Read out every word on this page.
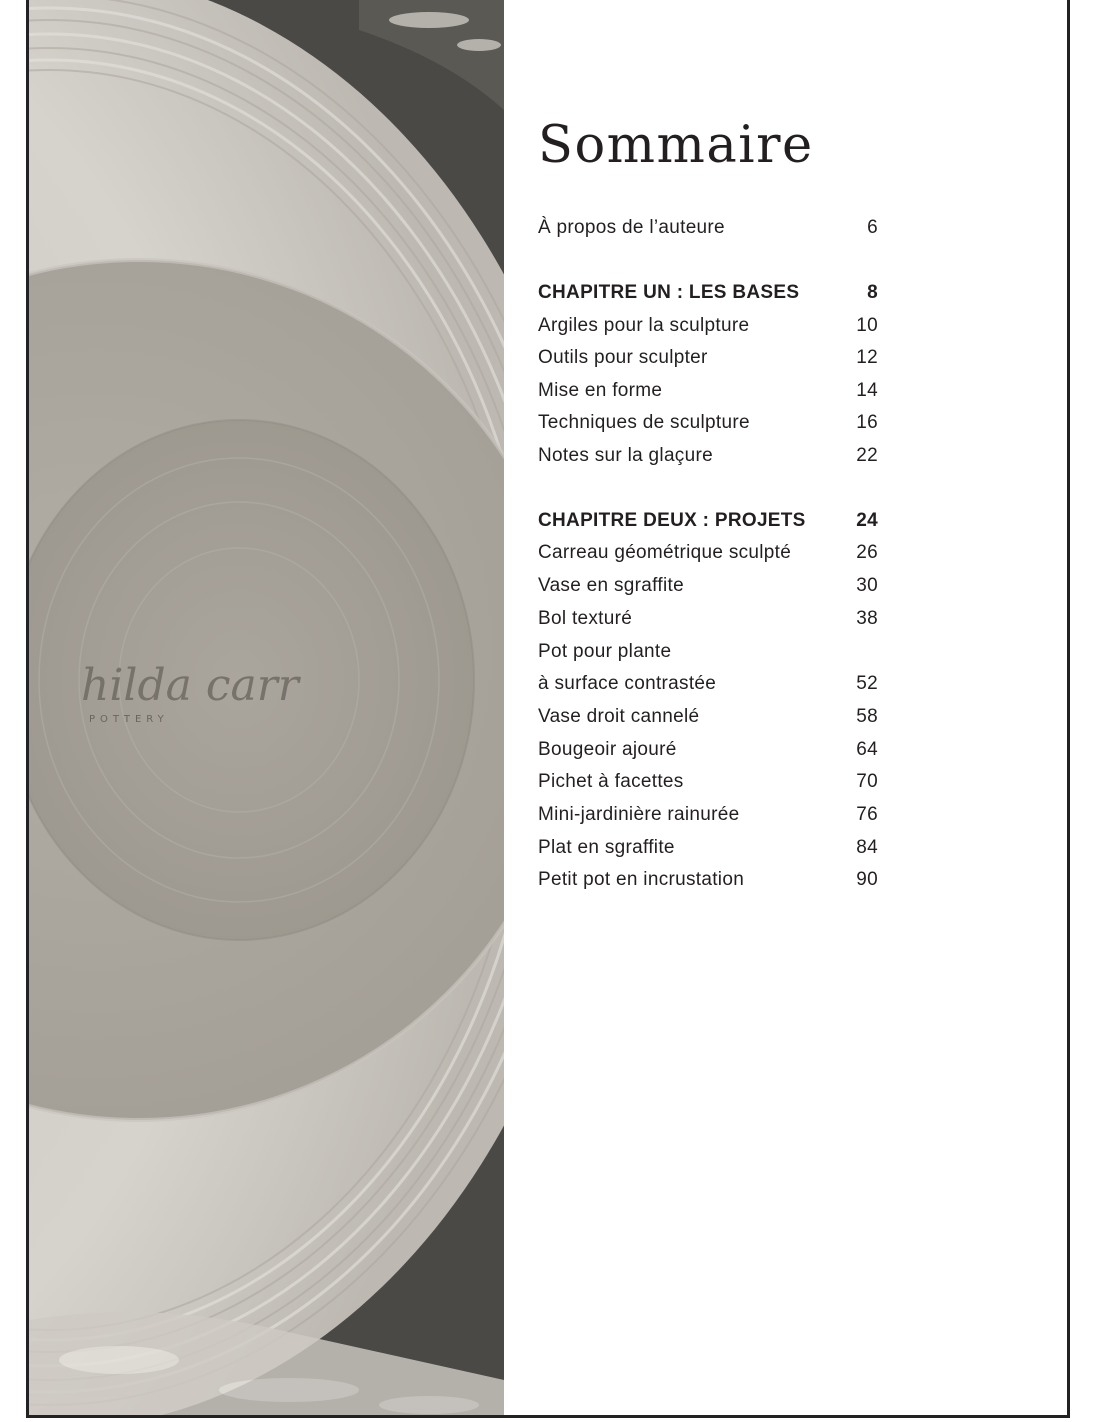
hilda carr
POTTERY
Sommaire
À propos de l’auteure	6
CHAPITRE UN : LES BASES	8
Argiles pour la sculpture	10
Outils pour sculpter	12
Mise en forme	14
Techniques de sculpture	16
Notes sur la glaçure	22
CHAPITRE DEUX : PROJETS	24
Carreau géométrique sculpté	26
Vase en sgraffite	30
Bol texturé	38
Pot pour plante
à surface contrastée	52
Vase droit cannelé	58
Bougeoir ajouré	64
Pichet à facettes	70
Mini-jardinière rainurée	76
Plat en sgraffite	84
Petit pot en incrustation	90
